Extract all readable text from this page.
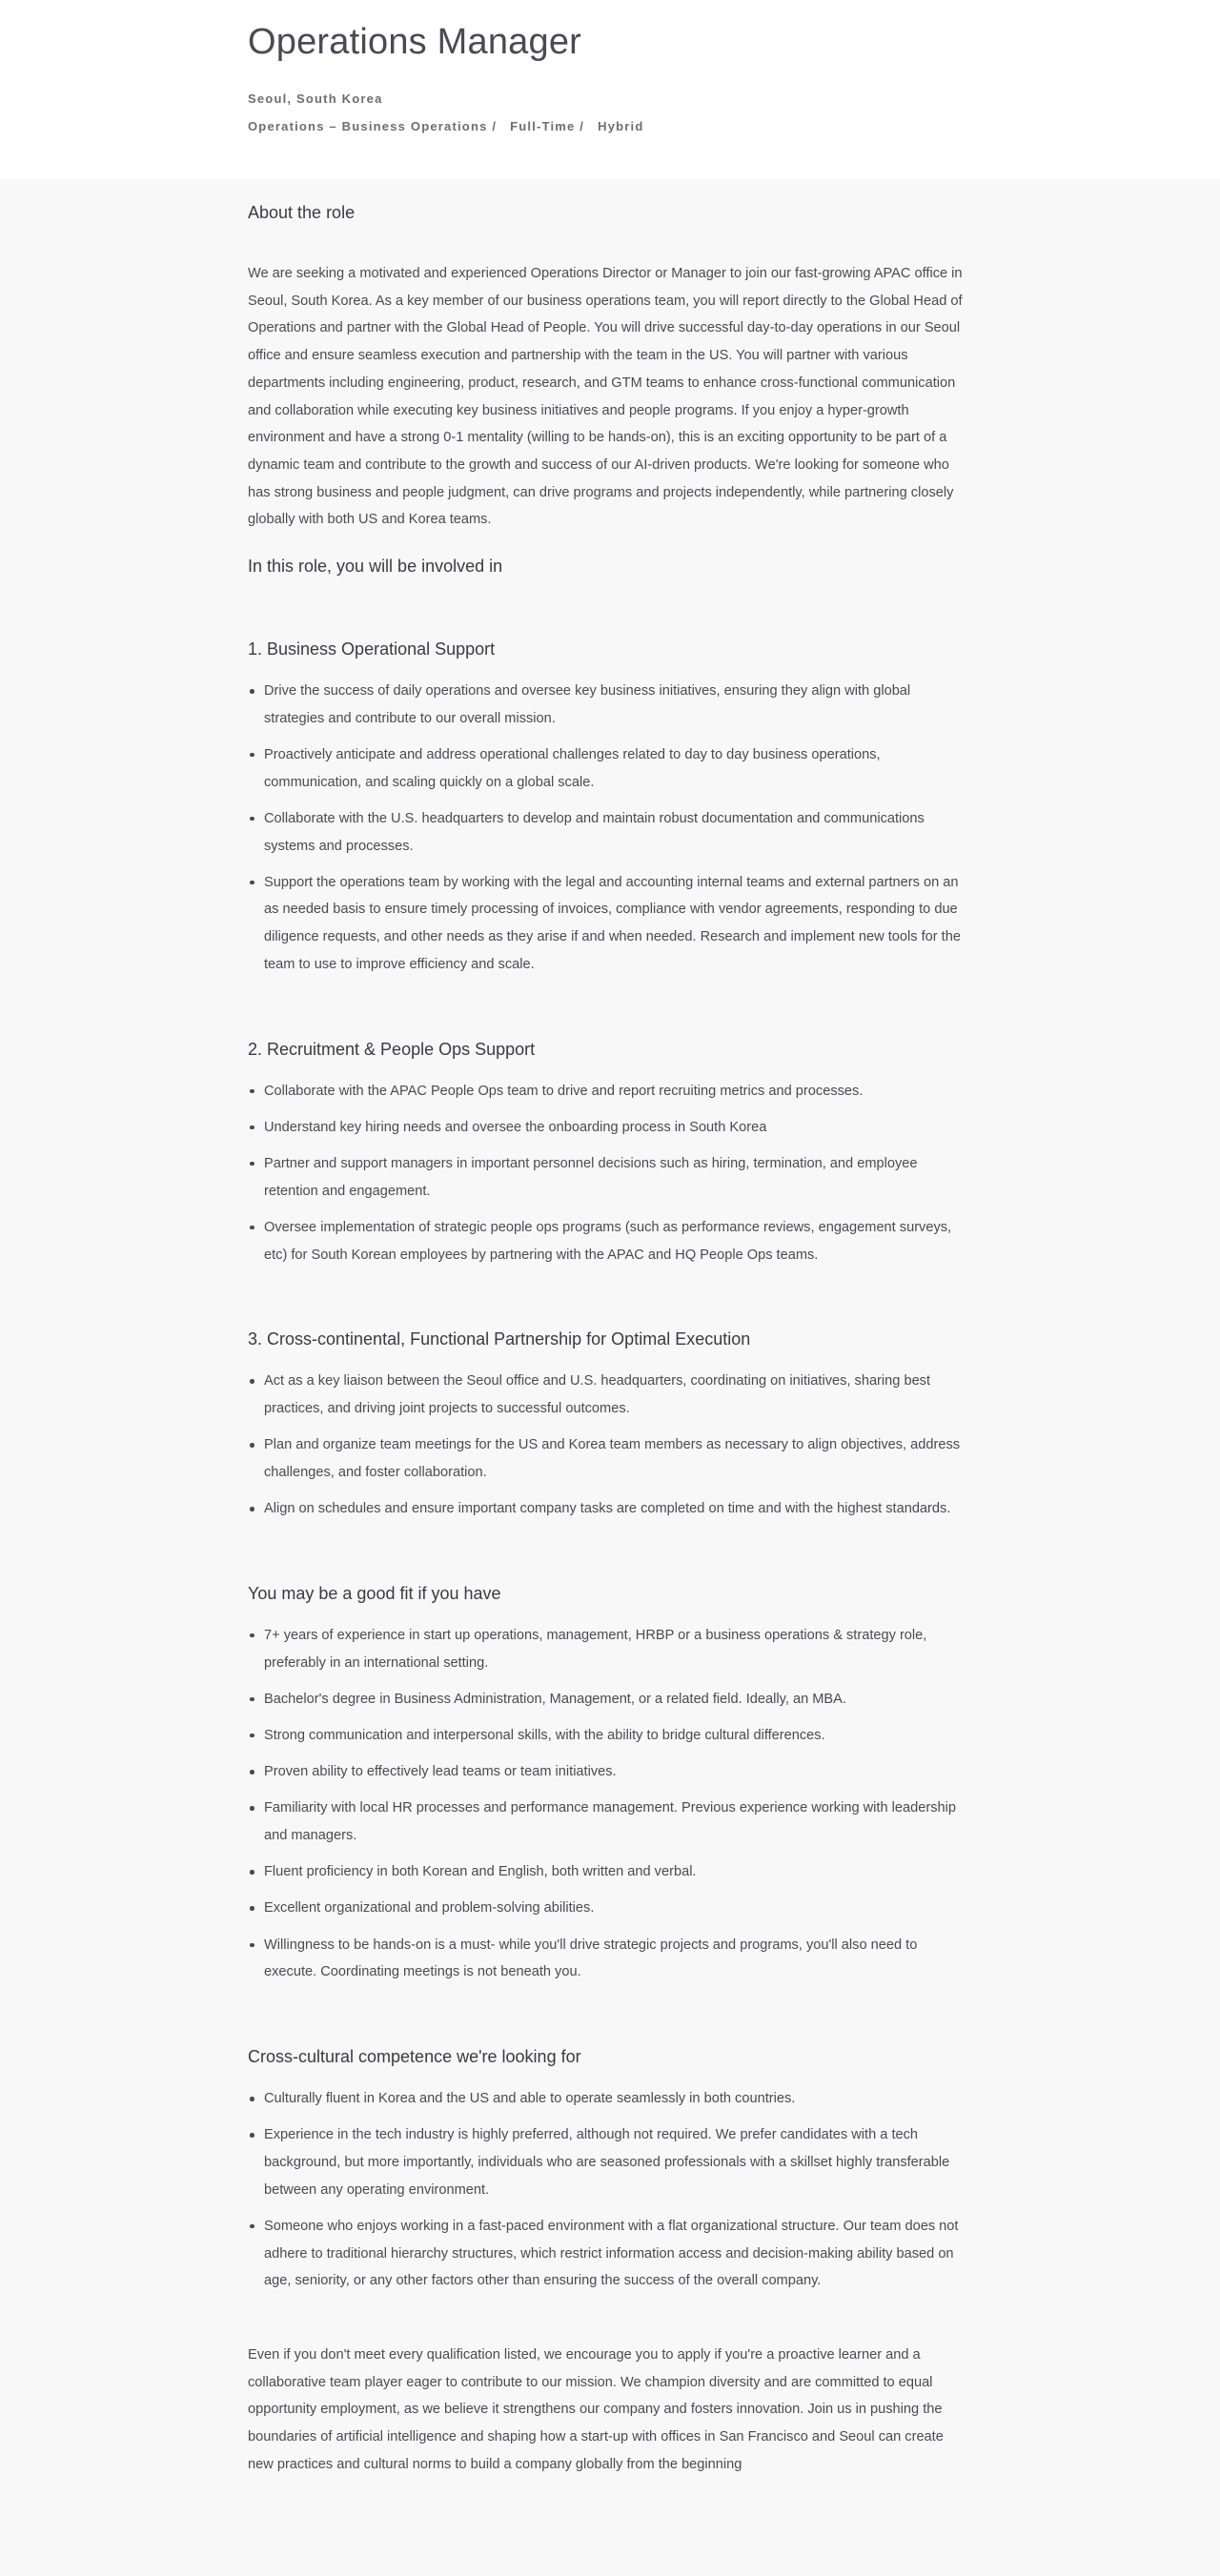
Operations Manager
Seoul, South Korea
Operations – Business Operations / Full-Time / Hybrid
About the role

We are seeking a motivated and experienced Operations Director or Manager to join our fast-growing APAC office in Seoul, South Korea. As a key member of our business operations team, you will report directly to the Global Head of Operations and partner with the Global Head of People. You will drive successful day-to-day operations in our Seoul office and ensure seamless execution and partnership with the team in the US. You will partner with various departments including engineering, product, research, and GTM teams to enhance cross-functional communication and collaboration while executing key business initiatives and people programs. If you enjoy a hyper-growth environment and have a strong 0-1 mentality (willing to be hands-on), this is an exciting opportunity to be part of a dynamic team and contribute to the growth and success of our AI-driven products. We're looking for someone who has strong business and people judgment, can drive programs and projects independently, while partnering closely globally with both US and Korea teams.

In this role, you will be involved in
1. Business Operational Support
Drive the success of daily operations and oversee key business initiatives, ensuring they align with global strategies and contribute to our overall mission.
Proactively anticipate and address operational challenges related to day to day business operations, communication, and scaling quickly on a global scale.
Collaborate with the U.S. headquarters to develop and maintain robust documentation and communications systems and processes.
Support the operations team by working with the legal and accounting internal teams and external partners on an as needed basis to ensure timely processing of invoices, compliance with vendor agreements, responding to due diligence requests, and other needs as they arise if and when needed. Research and implement new tools for the team to use to improve efficiency and scale.
2. Recruitment & People Ops Support
Collaborate with the APAC People Ops team to drive and report recruiting metrics and processes.
Understand key hiring needs and oversee the onboarding process in South Korea
Partner and support managers in important personnel decisions such as hiring, termination, and employee retention and engagement.
Oversee implementation of strategic people ops programs (such as performance reviews, engagement surveys, etc) for South Korean employees by partnering with the APAC and HQ People Ops teams.
3. Cross-continental, Functional Partnership for Optimal Execution
Act as a key liaison between the Seoul office and U.S. headquarters, coordinating on initiatives, sharing best practices, and driving joint projects to successful outcomes.
Plan and organize team meetings for the US and Korea team members as necessary to align objectives, address challenges, and foster collaboration.
Align on schedules and ensure important company tasks are completed on time and with the highest standards.
You may be a good fit if you have
7+ years of experience in start up operations, management, HRBP or a business operations & strategy role, preferably in an international setting.
Bachelor's degree in Business Administration, Management, or a related field. Ideally, an MBA.
Strong communication and interpersonal skills, with the ability to bridge cultural differences.
Proven ability to effectively lead teams or team initiatives.
Familiarity with local HR processes and performance management. Previous experience working with leadership and managers.
Fluent proficiency in both Korean and English, both written and verbal.
Excellent organizational and problem-solving abilities.
Willingness to be hands-on is a must- while you'll drive strategic projects and programs, you'll also need to execute. Coordinating meetings is not beneath you.
Cross-cultural competence we're looking for
Culturally fluent in Korea and the US and able to operate seamlessly in both countries.
Experience in the tech industry is highly preferred, although not required. We prefer candidates with a tech background, but more importantly, individuals who are seasoned professionals with a skillset highly transferable between any operating environment.
Someone who enjoys working in a fast-paced environment with a flat organizational structure. Our team does not adhere to traditional hierarchy structures, which restrict information access and decision-making ability based on age, seniority, or any other factors other than ensuring the success of the overall company.

Even if you don't meet every qualification listed, we encourage you to apply if you're a proactive learner and a collaborative team player eager to contribute to our mission. We champion diversity and are committed to equal opportunity employment, as we believe it strengthens our company and fosters innovation. Join us in pushing the boundaries of artificial intelligence and shaping how a start-up with offices in San Francisco and Seoul can create new practices and cultural norms to build a company globally from the beginning
